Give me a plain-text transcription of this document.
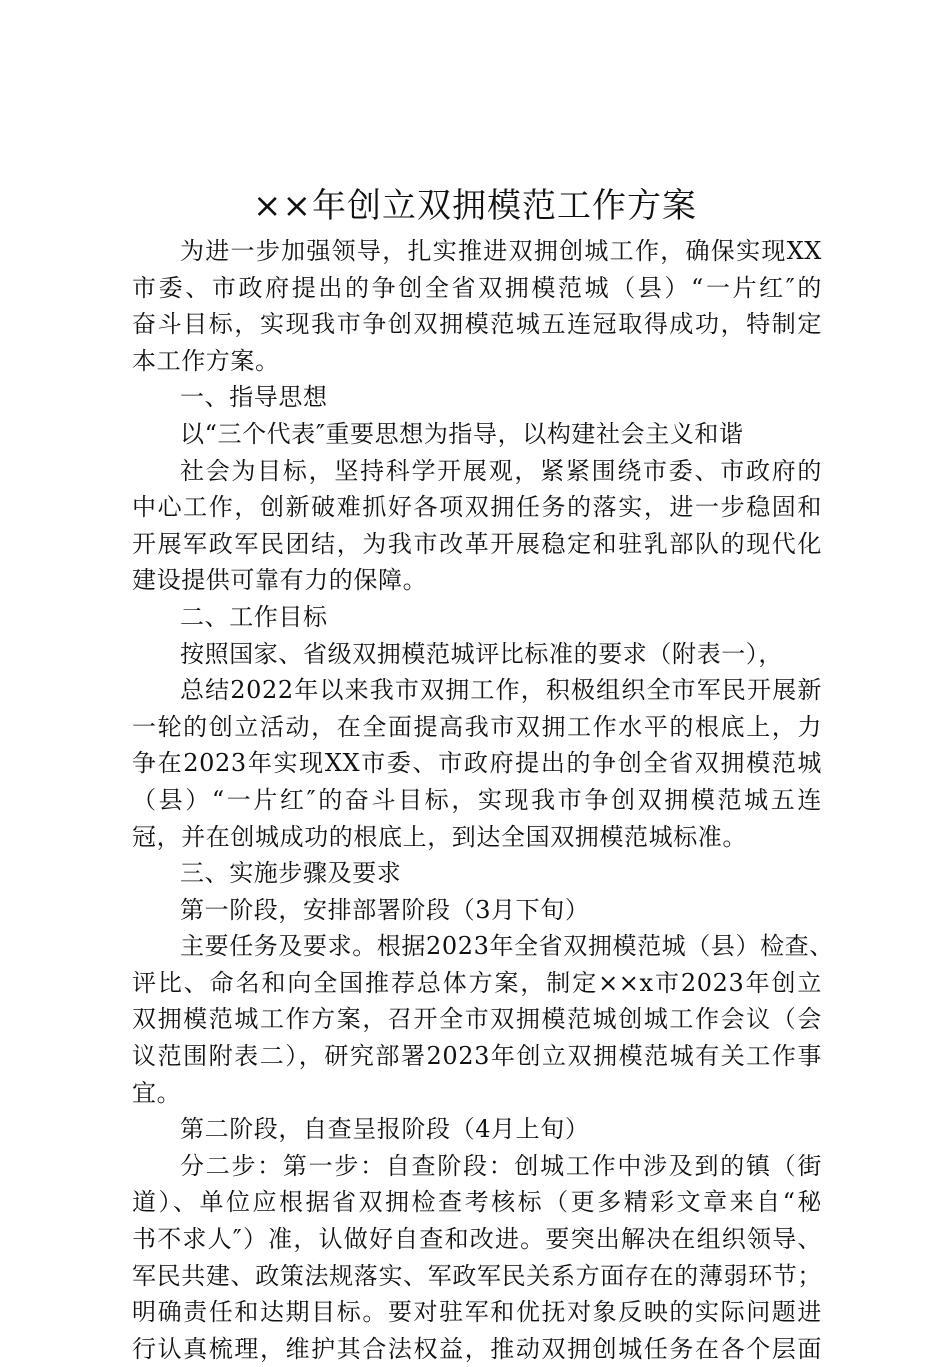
××年创立双拥模范工作方案
为进一步加强领导，扎实推进双拥创城工作，确保实现XX
市委、市政府提出的争创全省双拥模范城（县）“一片红″的
奋斗目标，实现我市争创双拥模范城五连冠取得成功，特制定
本工作方案。
一、指导思想
以“三个代表″重要思想为指导，以构建社会主义和谐
社会为目标，坚持科学开展观，紧紧围绕市委、市政府的
中心工作，创新破难抓好各项双拥任务的落实，进一步稳固和
开展军政军民团结，为我市改革开展稳定和驻乳部队的现代化
建设提供可靠有力的保障。
二、工作目标
按照国家、省级双拥模范城评比标准的要求（附表一），
总结2022年以来我市双拥工作，积极组织全市军民开展新
一轮的创立活动，在全面提高我市双拥工作水平的根底上，力
争在2023年实现XX市委、市政府提出的争创全省双拥模范城
（县）“一片红″的奋斗目标，实现我市争创双拥模范城五连
冠，并在创城成功的根底上，到达全国双拥模范城标准。
三、实施步骤及要求
第一阶段，安排部署阶段（3月下旬）
主要任务及要求。根据2023年全省双拥模范城（县）检查、
评比、命名和向全国推荐总体方案，制定××x市2023年创立
双拥模范城工作方案，召开全市双拥模范城创城工作会议（会
议范围附表二），研究部署2023年创立双拥模范城有关工作事
宜。
第二阶段，自查呈报阶段（4月上旬）
分二步：第一步：自查阶段：创城工作中涉及到的镇（街
道）、单位应根据省双拥检查考核标（更多精彩文章来自“秘
书不求人″）准，认做好自查和改进。要突出解决在组织领导、
军民共建、政策法规落实、军政军民关系方面存在的薄弱环节；
明确责任和达期目标。要对驻军和优抚对象反映的实际问题进
行认真梳理，维护其合法权益，推动双拥创城任务在各个层面
